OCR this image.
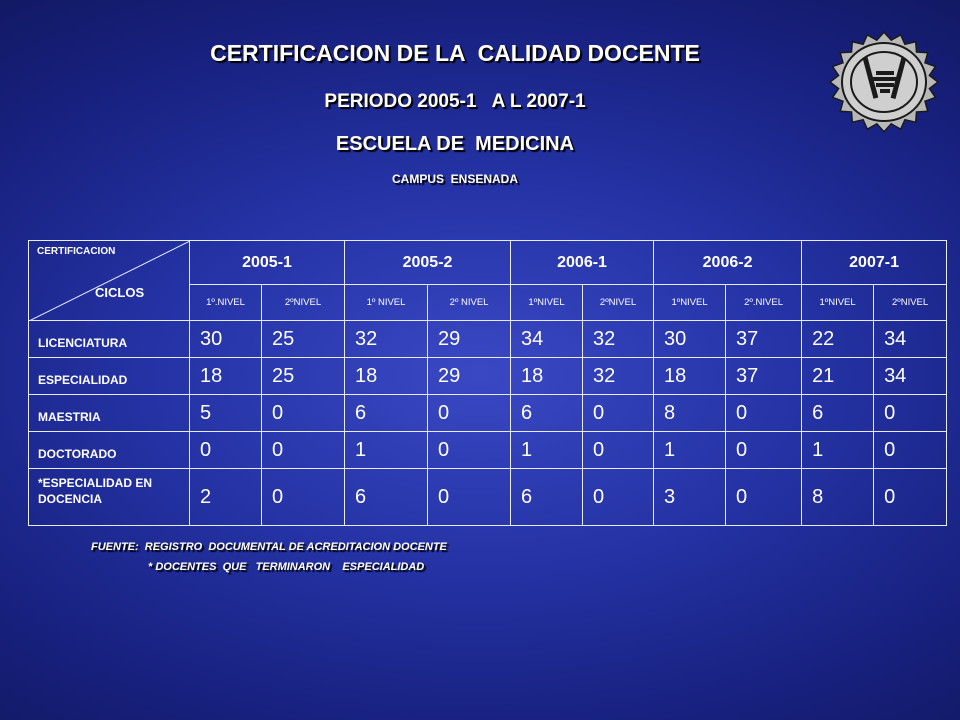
CERTIFICACION DE LA  CALIDAD DOCENTE
PERIODO 2005-1   A L 2007-1
ESCUELA DE  MEDICINA
CAMPUS  ENSENADA
CERTIFICACION
CICLOS	2005-1		2005-2		2006-1		2006-2		2007-1	
	1º.NIVEL	2ºNIVEL	1º NIVEL	2º NIVEL	1ºNIVEL	2ºNIVEL	1ºNIVEL	2º.NIVEL	1ºNIVEL	2ºNIVEL
LICENCIATURA	30	25	32	29	34	32	30	37	22	34
ESPECIALIDAD	18	25	18	29	18	32	18	37	21	34
MAESTRIA	5	0	6	0	6	0	8	0	6	0
DOCTORADO	0	0	1	0	1	0	1	0	1	0
*ESPECIALIDAD EN DOCENCIA	2	0	6	0	6	0	3	0	8	0
FUENTE:  REGISTRO  DOCUMENTAL DE ACREDITACION DOCENTE
* DOCENTES  QUE   TERMINARON    ESPECIALIDAD
